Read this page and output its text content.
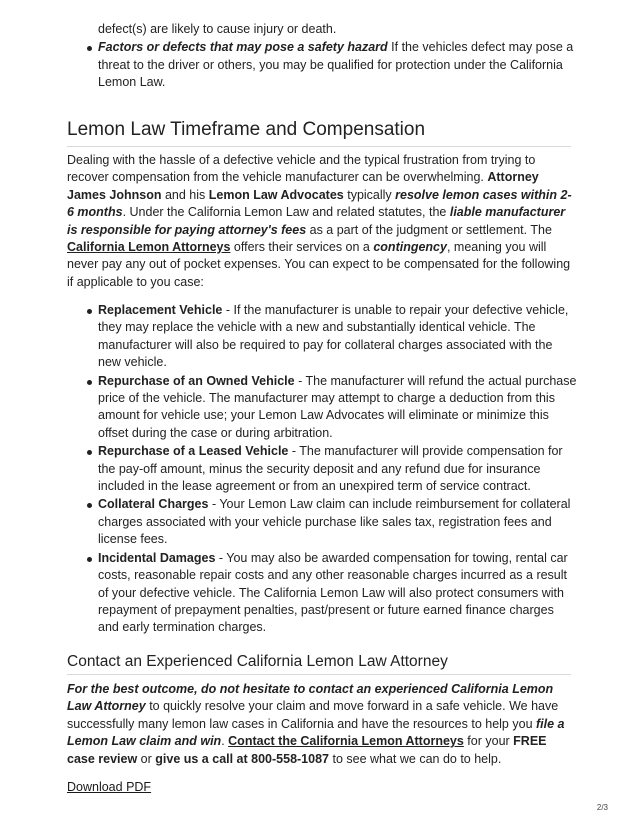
defect(s) are likely to cause injury or death.
Factors or defects that may pose a safety hazard If the vehicles defect may pose a threat to the driver or others, you may be qualified for protection under the California Lemon Law.
Lemon Law Timeframe and Compensation

Dealing with the hassle of a defective vehicle and the typical frustration from trying to recover compensation from the vehicle manufacturer can be overwhelming. Attorney James Johnson and his Lemon Law Advocates typically resolve lemon cases within 2-6 months. Under the California Lemon Law and related statutes, the liable manufacturer is responsible for paying attorney's fees as a part of the judgment or settlement. The California Lemon Attorneys offers their services on a contingency, meaning you will never pay any out of pocket expenses. You can expect to be compensated for the following if applicable to you case:

Replacement Vehicle - If the manufacturer is unable to repair your defective vehicle, they may replace the vehicle with a new and substantially identical vehicle. The manufacturer will also be required to pay for collateral charges associated with the new vehicle.
Repurchase of an Owned Vehicle - The manufacturer will refund the actual purchase price of the vehicle. The manufacturer may attempt to charge a deduction from this amount for vehicle use; your Lemon Law Advocates will eliminate or minimize this offset during the case or during arbitration.
Repurchase of a Leased Vehicle - The manufacturer will provide compensation for the pay-off amount, minus the security deposit and any refund due for insurance included in the lease agreement or from an unexpired term of service contract.
Collateral Charges - Your Lemon Law claim can include reimbursement for collateral charges associated with your vehicle purchase like sales tax, registration fees and license fees.
Incidental Damages - You may also be awarded compensation for towing, rental car costs, reasonable repair costs and any other reasonable charges incurred as a result of your defective vehicle. The California Lemon Law will also protect consumers with repayment of prepayment penalties, past/present or future earned finance charges and early termination charges.
Contact an Experienced California Lemon Law Attorney

For the best outcome, do not hesitate to contact an experienced California Lemon Law Attorney to quickly resolve your claim and move forward in a safe vehicle. We have successfully many lemon law cases in California and have the resources to help you file a Lemon Law claim and win. Contact the California Lemon Attorneys for your FREE case review or give us a call at 800-558-1087 to see what we can do to help.

Download PDF
2/3
